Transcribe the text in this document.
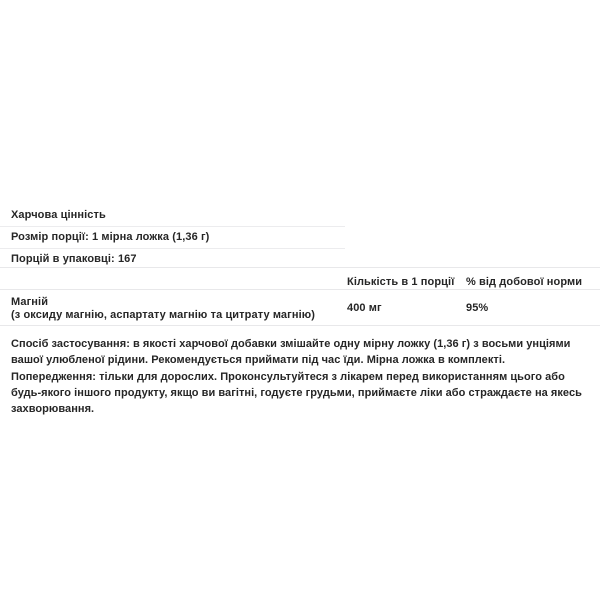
Харчова цінність
Розмір порції: 1 мірна ложка (1,36 г)
Порцій в упаковці: 167
Кількість в 1 порції % від добової норми
Магній
(з оксиду магнію, аспартату магнію та цитрату магнію)
400 мг	95%
Спосіб застосування: в якості харчової добавки змішайте одну мірну ложку (1,36 г) з восьми унціями вашої улюбленої рідини. Рекомендується приймати під час їди. Мірна ложка в комплекті.
Попередження: тільки для дорослих. Проконсультуйтеся з лікарем перед використанням цього або будь-якого іншого продукту, якщо ви вагітні, годуєте грудьми, приймаєте ліки або страждаєте на якесь захворювання.
